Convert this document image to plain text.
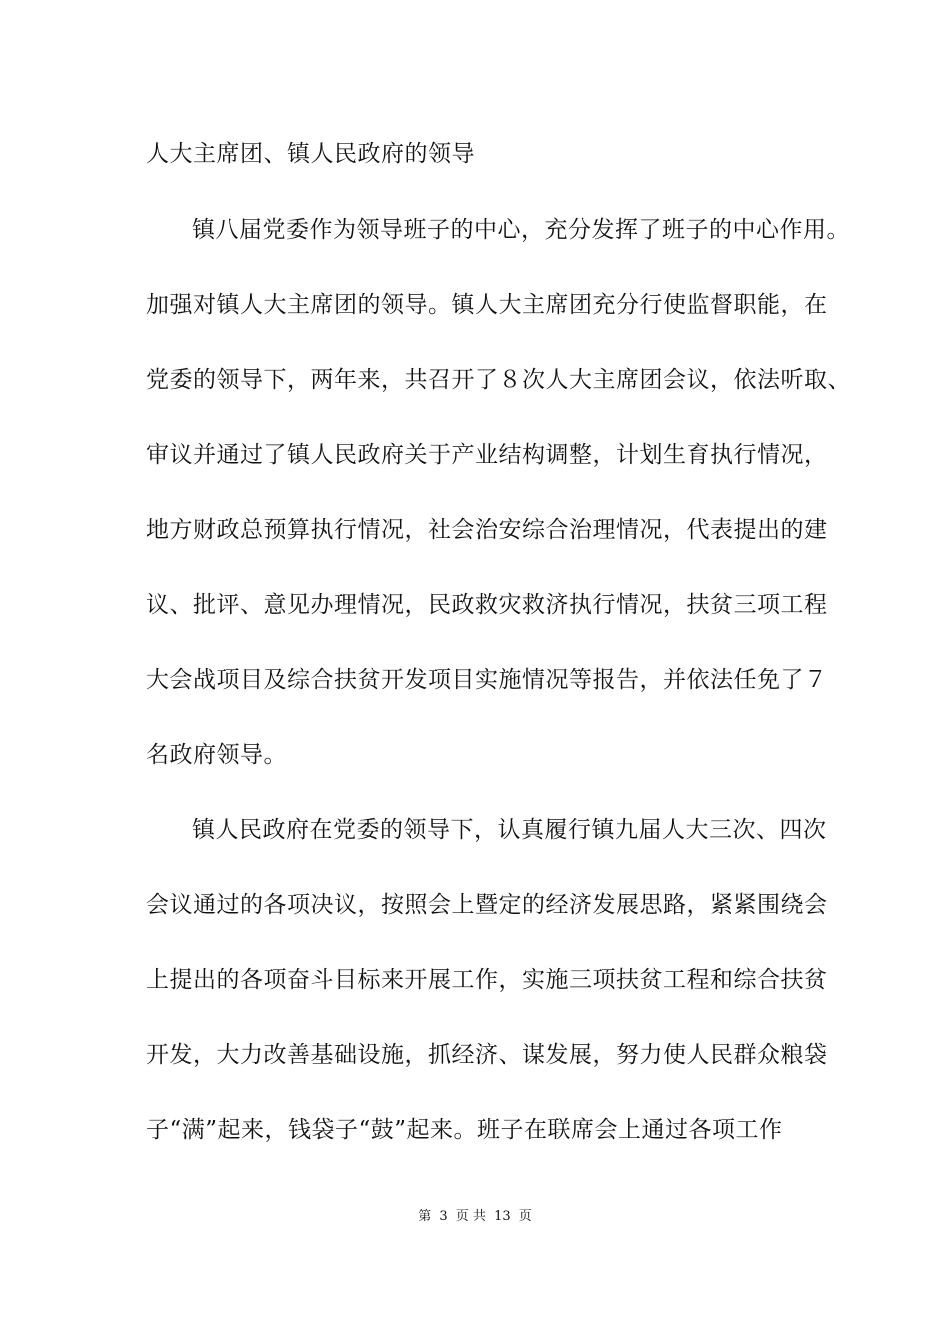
人大主席团、镇人民政府的领导
镇八届党委作为领导班子的中心，充分发挥了班子的中心作用。
加强对镇人大主席团的领导。镇人大主席团充分行使监督职能，在
党委的领导下，两年来，共召开了８次人大主席团会议，依法听取、
审议并通过了镇人民政府关于产业结构调整，计划生育执行情况，
地方财政总预算执行情况，社会治安综合治理情况，代表提出的建
议、批评、意见办理情况，民政救灾救济执行情况，扶贫三项工程
大会战项目及综合扶贫开发项目实施情况等报告，并依法任免了７
名政府领导。
镇人民政府在党委的领导下，认真履行镇九届人大三次、四次
会议通过的各项决议，按照会上暨定的经济发展思路，紧紧围绕会
上提出的各项奋斗目标来开展工作，实施三项扶贫工程和综合扶贫
开发，大力改善基础设施，抓经济、谋发展，努力使人民群众粮袋
子“满”起来，钱袋子“鼓”起来。班子在联席会上通过各项工作
第 3 页 共 13 页
